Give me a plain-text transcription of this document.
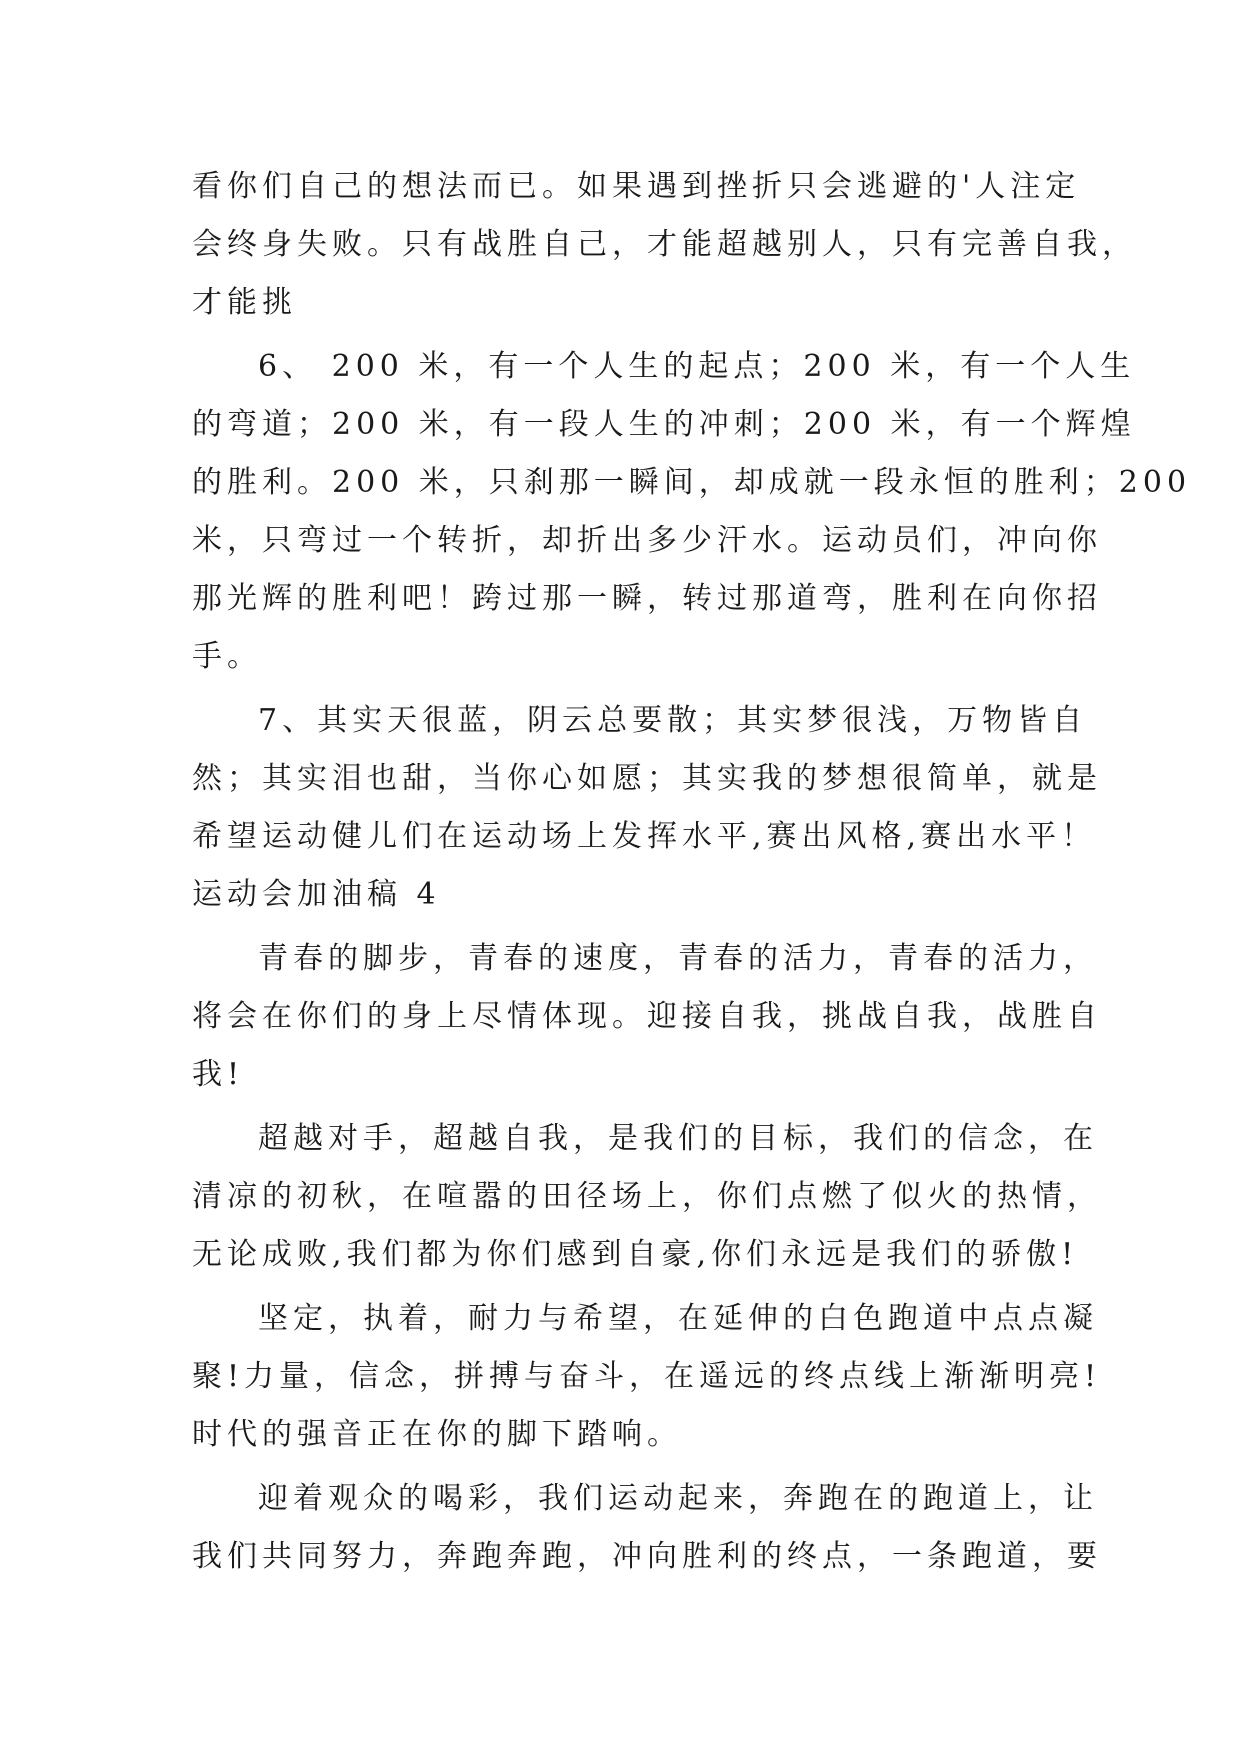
看你们自己的想法而已。如果遇到挫折只会逃避的'人注定
会终身失败。只有战胜自己，才能超越别人，只有完善自我，
才能挑
6、 200 米，有一个人生的起点；200 米，有一个人生
的弯道；200 米，有一段人生的冲刺；200 米，有一个辉煌
的胜利。200 米，只刹那一瞬间，却成就一段永恒的胜利；200
米，只弯过一个转折，却折出多少汗水。运动员们，冲向你
那光辉的胜利吧！跨过那一瞬，转过那道弯，胜利在向你招
手。
7、其实天很蓝，阴云总要散；其实梦很浅，万物皆自
然；其实泪也甜，当你心如愿；其实我的梦想很简单，就是
希望运动健儿们在运动场上发挥水平,赛出风格,赛出水平！
运动会加油稿 4
青春的脚步，青春的速度，青春的活力，青春的活力，
将会在你们的身上尽情体现。迎接自我，挑战自我，战胜自
我!
超越对手，超越自我，是我们的目标，我们的信念，在
清凉的初秋，在喧嚣的田径场上，你们点燃了似火的热情，
无论成败,我们都为你们感到自豪,你们永远是我们的骄傲!
坚定，执着，耐力与希望，在延伸的白色跑道中点点凝
聚!力量，信念，拼搏与奋斗，在遥远的终点线上渐渐明亮!
时代的强音正在你的脚下踏响。
迎着观众的喝彩，我们运动起来，奔跑在的跑道上，让
我们共同努力，奔跑奔跑，冲向胜利的终点，一条跑道，要
